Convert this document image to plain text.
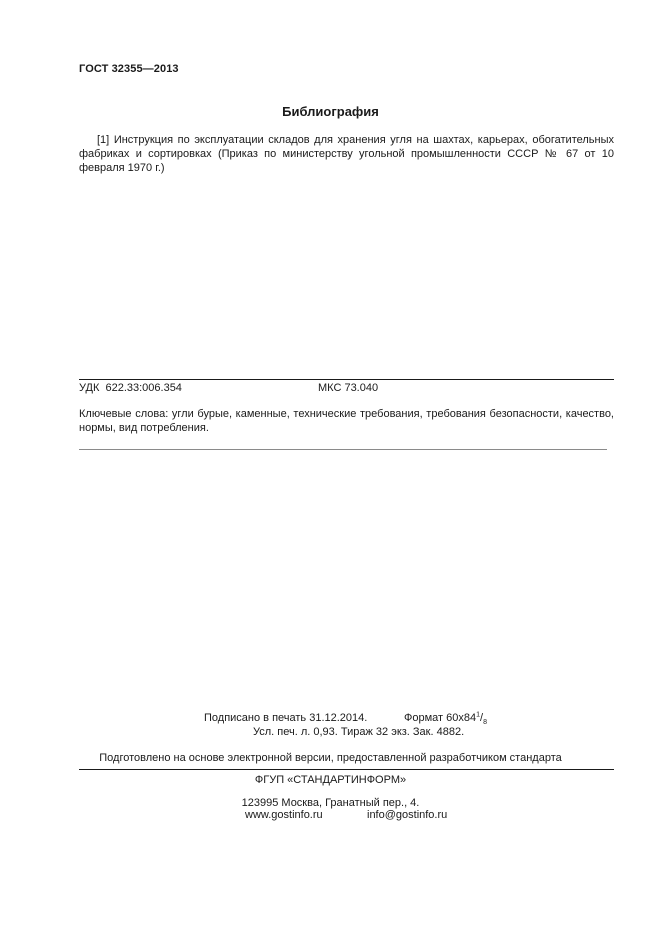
ГОСТ 32355—2013
Библиография
[1] Инструкция по эксплуатации складов для хранения угля на шахтах, карьерах, обогатительных фабриках и сортировках (Приказ по министерству угольной промышленности СССР № 67 от 10 февраля 1970 г.)
УДК  622.33:006.354	МКС 73.040
Ключевые слова: угли бурые, каменные, технические требования, требования безопасности, качество, нормы, вид потребления.
Подписано в печать 31.12.2014.	Формат $60х84^1/_8$
Усл. печ. л. 0,93. Тираж 32 экз. Зак. 4882.
Подготовлено на основе электронной версии, предоставленной разработчиком стандарта
ФГУП «СТАНДАРТИНФОРМ»
123995 Москва, Гранатный пер., 4.
www.gostinfo.ru	info@gostinfo.ru
